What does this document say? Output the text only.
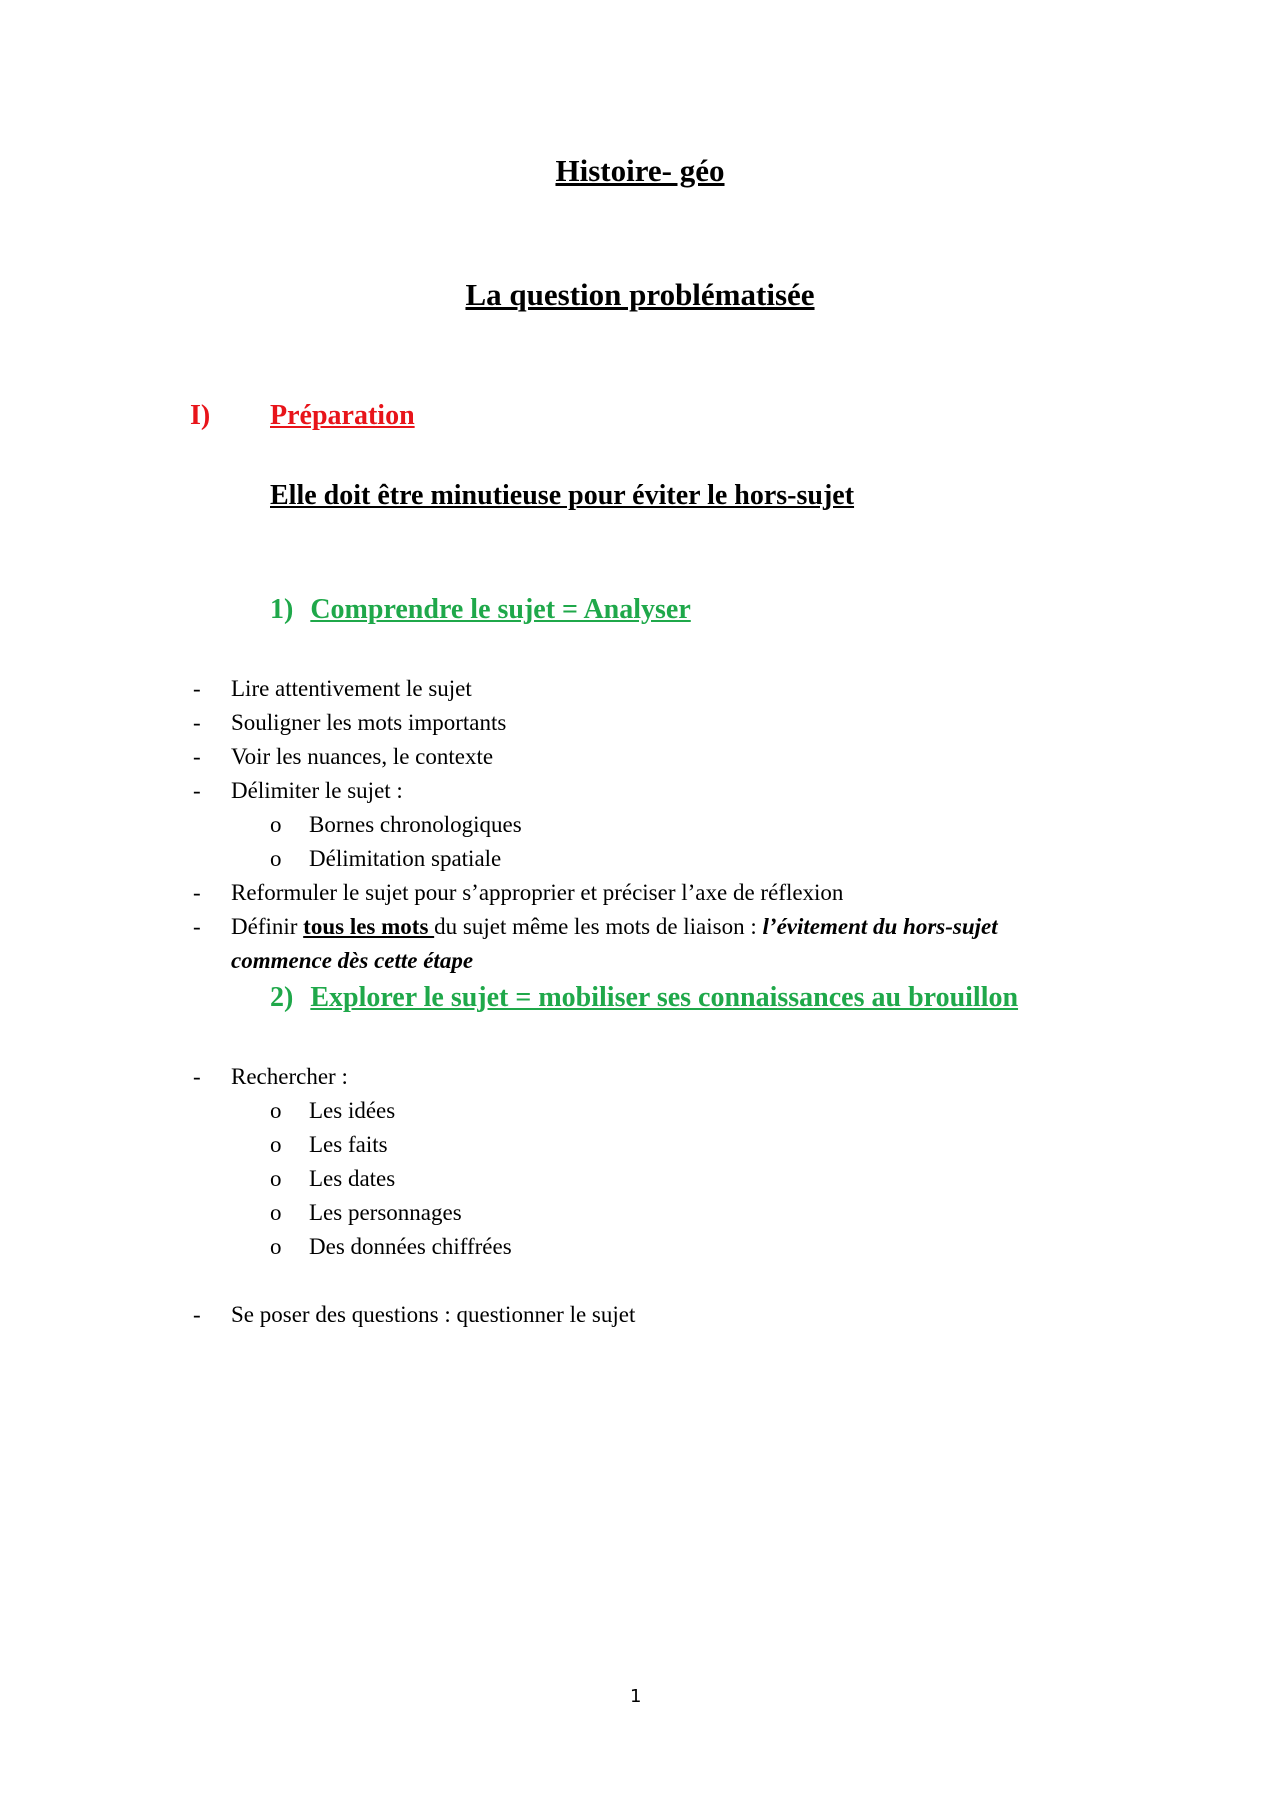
Histoire- géo
La question problématisée
I) Préparation
Elle doit être minutieuse pour éviter le hors-sujet
1) Comprendre le sujet = Analyser
- Lire attentivement le sujet
- Souligner les mots importants
- Voir les nuances, le contexte
- Délimiter le sujet :
o Bornes chronologiques
o Délimitation spatiale
- Reformuler le sujet pour s’approprier et préciser l’axe de réflexion
- Définir tous les mots du sujet même les mots de liaison : l’évitement du hors-sujet
commence dès cette étape
2) Explorer le sujet = mobiliser ses connaissances au brouillon
- Rechercher :
o Les idées
o Les faits
o Les dates
o Les personnages
o Des données chiffrées
- Se poser des questions : questionner le sujet
1
